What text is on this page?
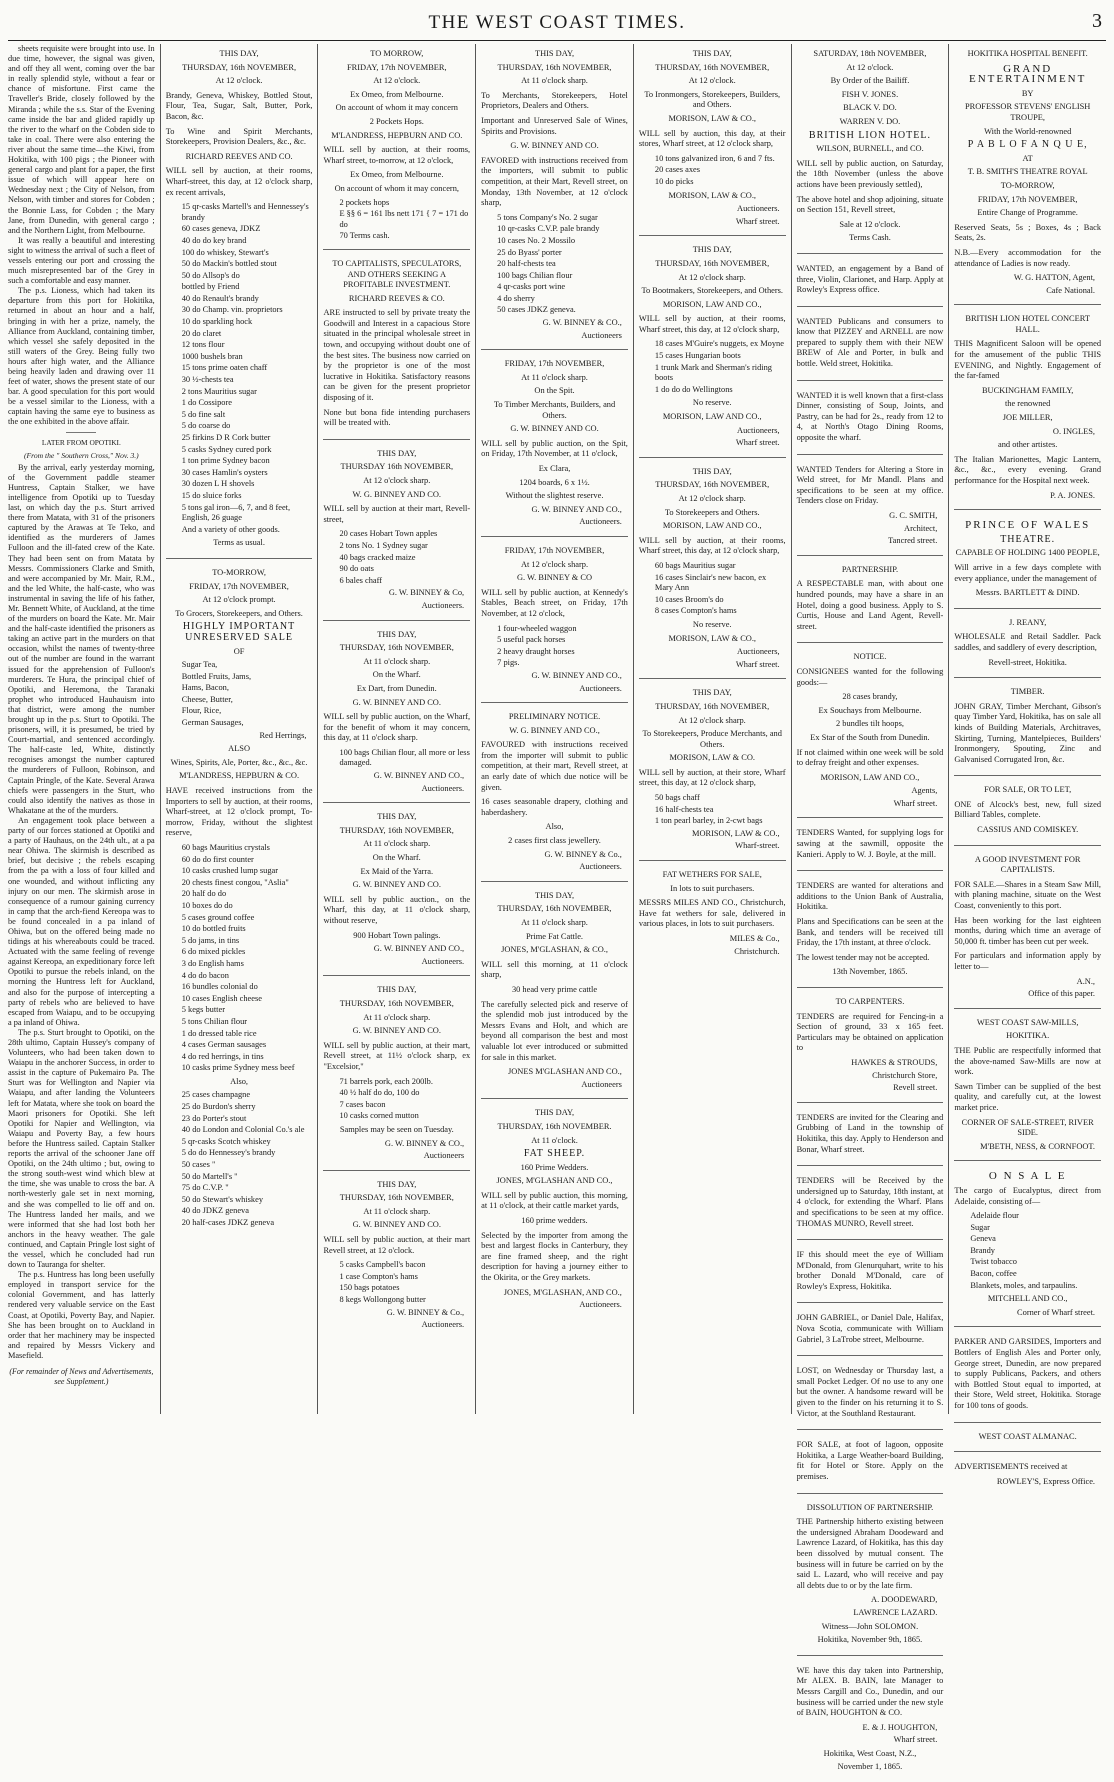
THE WEST COAST TIMES.	3

sheets requisite were brought into use. In due time, however, the signal was given, and off they all went, coming over the bar in really splendid style, without a fear or chance of misfortune. First came the Traveller's Bride, closely followed by the Miranda ; while the s.s. Star of the Evening came inside the bar and glided rapidly up the river to the wharf on the Cobden side to take in coal. There were also entering the river about the same time—the Kiwi, from Hokitika, with 100 pigs ; the Pioneer with general cargo and plant for a paper, the first issue of which will appear here on Wednesday next ; the City of Nelson, from Nelson, with timber and stores for Cobden ; the Bonnie Lass, for Cobden ; the Mary Jane, from Dunedin, with general cargo ; and the Northern Light, from Melbourne.

It was really a beautiful and interesting sight to witness the arrival of such a fleet of vessels entering our port and crossing the much misrepresented bar of the Grey in such a comfortable and easy manner.

The p.s. Lioness, which had taken its departure from this port for Hokitika, returned in about an hour and a half, bringing in with her a prize, namely, the Alliance from Auckland, containing timber, which vessel she safely deposited in the still waters of the Grey. Being fully two hours after high water, and the Alliance being heavily laden and drawing over 11 feet of water, shows the present state of our bar. A good speculation for this port would be a vessel similar to the Lioness, with a captain having the same eye to business as the one exhibited in the above affair.

LATER FROM OPOTIKI.
(From the " Southern Cross," Nov. 3.)

By the arrival, early yesterday morning, of the Government paddle steamer Huntress, Captain Stalker, we have intelligence from Opotiki up to Tuesday last, on which day the p.s. Sturt arrived there from Matata, with 31 of the prisoners captured by the Arawas at Te Teko, and identified as the murderers of James Fulloon and the ill-fated crew of the Kate. They had been sent on from Matata by Messrs. Commissioners Clarke and Smith, and were accompanied by Mr. Mair, R.M., and the led White, the half-caste, who was instrumental in saving the life of his father, Mr. Bennett White, of Auckland, at the time of the murders on board the Kate. Mr. Mair and the half-caste identified the prisoners as taking an active part in the murders on that occasion, whilst the names of twenty-three out of the number are found in the warrant issued for the apprehension of Fulloon's murderers. Te Hura, the principal chief of Opotiki, and Heremona, the Taranaki prophet who introduced Hauhauism into that district, were among the number brought up in the p.s. Sturt to Opotiki. The prisoners, will, it is presumed, be tried by Court-martial, and sentenced accordingly. The half-caste led, White, distinctly recognises amongst the number captured the murderers of Fulloon, Robinson, and Captain Pringle, of the Kate. Several Arawa chiefs were passengers in the Sturt, who could also identify the natives as those in Whakatane at the of the murders.

An engagement took place between a party of our forces stationed at Opotiki and a party of Hauhaus, on the 24th ult., at a pa near Ohiwa. The skirmish is described as brief, but decisive ; the rebels escaping from the pa with a loss of four killed and one wounded, and without inflicting any injury on our men. The skirmish arose in consequence of a rumour gaining currency in camp that the arch-fiend Kereopa was to be found concealed in a pa inland of Ohiwa, but on the offered being made no tidings at his whereabouts could be traced. Actuated with the same feeling of revenge against Kereopa, an expeditionary force left Opotiki to pursue the rebels inland, on the morning the Huntress left for Auckland, and also for the purpose of intercepting a party of rebels who are believed to have escaped from Waiapu, and to be occupying a pa inland of Ohiwa.

The p.s. Sturt brought to Opotiki, on the 28th ultimo, Captain Hussey's company of Volunteers, who had been taken down to Waiapu in the anchorer Success, in order to assist in the capture of Pukemairo Pa. The Sturt was for Wellington and Napier via Waiapu, and after landing the Volunteers left for Matata, where she took on board the Maori prisoners for Opotiki. She left Opotiki for Napier and Wellington, via Waiapu and Poverty Bay, a few hours before the Huntress sailed. Captain Stalker reports the arrival of the schooner Jane off Opotiki, on the 24th ultimo ; but, owing to the strong south-west wind which blew at the time, she was unable to cross the bar. A north-westerly gale set in next morning, and she was compelled to lie off and on. The Huntress landed her mails, and we were informed that she had lost both her anchors in the heavy weather. The gale continued, and Captain Pringle lost sight of the vessel, which he concluded had run down to Tauranga for shelter.

The p.s. Huntress has long been usefully employed in transport service for the colonial Government, and has latterly rendered very valuable service on the East Coast, at Opotiki, Poverty Bay, and Napier. She has been brought on to Auckland in order that her machinery may be inspected and repaired by Messrs Vickery and Masefield.

(For remainder of News and Advertisements, see Supplement.)
THIS DAY,
THURSDAY, 16th NOVEMBER,
At 12 o'clock.
Brandy, Geneva, Whiskey, Bottled Stout, Flour, Tea, Sugar, Salt, Butter, Pork, Bacon, &c.
To Wine and Spirit Merchants, Storekeepers, Provision Dealers, &c., &c.
RICHARD REEVES AND CO.
WILL sell by auction, at their rooms, Wharf-street, this day, at 12 o'clock sharp, ex recent arrivals,
15 qr-casks Martell's and Hennessey's brandy
60 cases geneva, JDKZ
40 do do key brand
100 do whiskey, Stewart's
50 do Mackin's bottled stout
50 do Allsop's do
bottled by Friend
40 do Renault's brandy
30 do Champ. vin. proprietors
10 do sparkling hock
20 do claret
12 tons flour
1000 bushels bran
15 tons prime oaten chaff
30 ½-chests tea
2 tons Mauritius sugar
1 do Cossipore
5 do fine salt
5 do coarse do
25 firkins D R Cork butter
5 casks Sydney cured pork
1 ton prime Sydney bacon
30 cases Hamlin's oysters
30 dozen L H shovels
15 do sluice forks
5 tons gal iron—6, 7, and 8 feet, English, 26 guage
And a variety of other goods.
Terms as usual.
TO-MORROW,
FRIDAY, 17th NOVEMBER,
At 12 o'clock prompt.
To Grocers, Storekeepers, and Others.
HIGHLY IMPORTANT UNRESERVED SALE
OF
Sugar Tea,
Bottled Fruits, Jams,
Hams, Bacon,
Cheese, Butter,
Flour, Rice,
German Sausages,
Red Herrings,
ALSO
Wines, Spirits, Ale, Porter, &c., &c., &c.
M'LANDRESS, HEPBURN & CO.
HAVE received instructions from the Importers to sell by auction, at their rooms, Wharf-street, at 12 o'clock prompt, To-morrow, Friday, without the slightest reserve,
60 bags Mauritius crystals
60 do do first counter
10 casks crushed lump sugar
20 chests finest congou, "Aslia"
20 half do do
10 boxes do do
5 cases ground coffee
10 do bottled fruits
5 do jams, in tins
6 do mixed pickles
3 do English hams
4 do do bacon
16 bundles colonial do
10 cases English cheese
5 kegs butter
5 tons Chilian flour
1 do dressed table rice
4 cases German sausages
4 do red herrings, in tins
10 casks prime Sydney mess beef
Also,
25 cases champagne
25 do Burdon's sherry
23 do Porter's stout
40 do London and Colonial Co.'s ale
5 qr-casks Scotch whiskey
5 do do Hennessey's brandy
50 cases "
50 do Martell's "
75 do C.V.P. "
50 do Stewart's whiskey
40 do JDKZ geneva
20 half-cases JDKZ geneva
TO MORROW,
FRIDAY, 17th NOVEMBER,
At 12 o'clock.
Ex Omeo, from Melbourne.
On account of whom it may concern
2 Pockets Hops.
M'LANDRESS, HEPBURN AND CO.
WILL sell by auction, at their rooms, Wharf street, to-morrow, at 12 o'clock,
Ex Omeo, from Melbourne.
On account of whom it may concern,
2 pockets hops
E §§ 6 = 161 lbs nett 171 { 7 = 171 do do
70 Terms cash.
TO CAPITALISTS, SPECULATORS, AND OTHERS SEEKING A PROFITABLE INVESTMENT.
RICHARD REEVES & CO.
ARE instructed to sell by private treaty the Goodwill and Interest in a capacious Store situated in the principal wholesale street in town, and occupying without doubt one of the best sites. The business now carried on by the proprietor is one of the most lucrative in Hokitika. Satisfactory reasons can be given for the present proprietor disposing of it.
None but bona fide intending purchasers will be treated with.
THIS DAY,
THURSDAY 16th NOVEMBER,
At 12 o'clock sharp.
W. G. BINNEY AND CO.
WILL sell by auction at their mart, Revell-street,
20 cases Hobart Town apples
2 tons No. 1 Sydney sugar
40 bags cracked maize
90 do oats
6 bales chaff
G. W. BINNEY & Co,
Auctioneers.
THIS DAY,
THURSDAY, 16th NOVEMBER,
At 11 o'clock sharp.
On the Wharf.
Ex Dart, from Dunedin.
G. W. BINNEY AND CO.
WILL sell by public auction, on the Wharf, for the benefit of whom it may concern, this day, at 11 o'clock sharp.
100 bags Chilian flour, all more or less damaged.
G. W. BINNEY AND CO.,
Auctioneers.
THIS DAY,
THURSDAY, 16th NOVEMBER,
At 11 o'clock sharp.
On the Wharf.
Ex Maid of the Yarra.
G. W. BINNEY AND CO.
WILL sell by public auction., on the Wharf, this day, at 11 o'clock sharp, without reserve,
900 Hobart Town palings.
G. W. BINNEY AND CO.,
Auctioneers.
THIS DAY,
THURSDAY, 16th NOVEMBER,
At 11 o'clock sharp.
G. W. BINNEY AND CO.
WILL sell by public auction, at their mart, Revell street, at 11½ o'clock sharp, ex "Excelsior,"
71 barrels pork, each 200lb.
40 ½ half do do, 100 do
7 cases bacon
10 casks corned mutton
Samples may be seen on Tuesday.
G. W. BINNEY & CO.,
Auctioneers
THIS DAY,
THURSDAY, 16th NOVEMBER,
At 11 o'clock sharp.
G. W. BINNEY AND CO.
WILL sell by public auction, at their mart Revell street, at 12 o'clock.
5 casks Campbell's bacon
1 case Compton's hams
150 bags potatoes
8 kegs Wollongong butter
G. W. BINNEY & Co.,
Auctioneers.
THIS DAY,
THURSDAY, 16th NOVEMBER,
At 11 o'clock sharp.
To Merchants, Storekeepers, Hotel Proprietors, Dealers and Others.
Important and Unreserved Sale of Wines, Spirits and Provisions.
G. W. BINNEY AND CO.
FAVORED with instructions received from the importers, will submit to public competition, at their Mart, Revell street, on Monday, 13th November, at 12 o'clock sharp,
5 tons Company's No. 2 sugar
10 qr-casks C.V.P. pale brandy
10 cases No. 2 Mossilo
25 do Byass' porter
20 half-chests tea
100 bags Chilian flour
4 qr-casks port wine
4 do sherry
50 cases JDKZ geneva.
G. W. BINNEY & CO.,
Auctioneers
FRIDAY, 17th NOVEMBER,
At 11 o'clock sharp.
On the Spit.
To Timber Merchants, Builders, and Others.
G. W. BINNEY AND CO.
WILL sell by public auction, on the Spit, on Friday, 17th November, at 11 o'clock,
Ex Clara,
1204 boards, 6 x 1½.
Without the slightest reserve.
G. W. BINNEY AND CO.,
Auctioneers.
FRIDAY, 17th NOVEMBER,
At 12 o'clock sharp.
G. W. BINNEY & CO
WILL sell by public auction, at Kennedy's Stables, Beach street, on Friday, 17th November, at 12 o'clock,
1 four-wheeled waggon
5 useful pack horses
2 heavy draught horses
7 pigs.
G. W. BINNEY AND CO.,
Auctioneers.
PRELIMINARY NOTICE.
W. G. BINNEY AND CO.,
FAVOURED with instructions received from the importer will submit to public competition, at their mart, Revell street, at an early date of which due notice will be given.
16 cases seasonable drapery, clothing and haberdashery.
Also,
2 cases first class jewellery.
G. W. BINNEY & Co.,
Auctioneers.
THIS DAY,
THURSDAY, 16th NOVEMBER,
At 11 o'clock sharp.
Prime Fat Cattle.
JONES, M'GLASHAN, & CO.,
WILL sell this morning, at 11 o'clock sharp,
30 head very prime cattle
The carefully selected pick and reserve of the splendid mob just introduced by the Messrs Evans and Holt, and which are beyond all comparison the best and most valuable lot ever introduced or submitted for sale in this market.
JONES M'GLASHAN AND CO.,
Auctioneers
THIS DAY,
THURSDAY, 16th NOVEMBER.
At 11 o'clock.
FAT SHEEP.
160 Prime Wedders.
JONES, M'GLASHAN AND CO.,
WILL sell by public auction, this morning, at 11 o'clock, at their cattle market yards,
160 prime wedders.
Selected by the importer from among the best and largest flocks in Canterbury, they are fine framed sheep, and the right description for having a journey either to the Okirita, or the Grey markets.
JONES, M'GLASHAN, AND CO.,
Auctioneers.
THIS DAY,
THURSDAY, 16th NOVEMBER,
At 12 o'clock.
To Ironmongers, Storekeepers, Builders, and Others.
MORISON, LAW & CO.,
WILL sell by auction, this day, at their stores, Wharf street, at 12 o'clock sharp,
10 tons galvanized iron, 6 and 7 fts.
20 cases axes
10 do picks
MORISON, LAW & CO.,
Auctioneers.
Wharf street.
THIS DAY,
THURSDAY, 16th NOVEMBER,
At 12 o'clock sharp.
To Bootmakers, Storekeepers, and Others.
MORISON, LAW AND CO.,
WILL sell by auction, at their rooms, Wharf street, this day, at 12 o'clock sharp,
18 cases M'Guire's nuggets, ex Moyne
15 cases Hungarian boots
1 trunk Mark and Sherman's riding boots
1 do do do Wellingtons
No reserve.
MORISON, LAW AND CO.,
Auctioneers,
Wharf street.
THIS DAY,
THURSDAY, 16th NOVEMBER,
At 12 o'clock sharp.
To Storekeepers and Others.
MORISON, LAW AND CO.,
WILL sell by auction, at their rooms, Wharf street, this day, at 12 o'clock sharp,
60 bags Mauritius sugar
16 cases Sinclair's new bacon, ex Mary Ann
10 cases Broom's do
8 cases Compton's hams
No reserve.
MORISON, LAW & CO.,
Auctioneers,
Wharf street.
THIS DAY,
THURSDAY, 16th NOVEMBER,
At 12 o'clock sharp.
To Storekeepers, Produce Merchants, and Others.
MORISON, LAW & CO.
WILL sell by auction, at their store, Wharf street, this day, at 12 o'clock sharp,
50 bags chaff
16 half-chests tea
1 ton pearl barley, in 2-cwt bags
MORISON, LAW & CO.,
Wharf-street.
FAT WETHERS FOR SALE,
In lots to suit purchasers.
MESSRS MILES AND CO., Christchurch, Have fat wethers for sale, delivered in various places, in lots to suit purchasers.
MILES & Co.,
Christchurch.
SATURDAY, 18th NOVEMBER,
At 12 o'clock.
By Order of the Bailiff.
FISH V. JONES.
BLACK V. DO.
WARREN V. DO.
BRITISH LION HOTEL.
WILSON, BURNELL, and CO.
WILL sell by public auction, on Saturday, the 18th November (unless the above actions have been previously settled),
The above hotel and shop adjoining, situate on Section 151, Revell street,
Sale at 12 o'clock.
Terms Cash.
WANTED, an engagement by a Band of three, Violin, Clarionet, and Harp. Apply at Rowley's Express office.
WANTED Publicans and consumers to know that PIZZEY and ARNELL are now prepared to supply them with their NEW BREW of Ale and Porter, in bulk and bottle. Weld street, Hokitika.
WANTED it is well known that a first-class Dinner, consisting of Soup, Joints, and Pastry, can be had for 2s., ready from 12 to 4, at North's Otago Dining Rooms, opposite the wharf.
WANTED Tenders for Altering a Store in Weld street, for Mr Mandl. Plans and specifications to be seen at my office. Tenders close on Friday.
G. C. SMITH,
Architect,
Tancred street.
PARTNERSHIP.
A RESPECTABLE man, with about one hundred pounds, may have a share in an Hotel, doing a good business. Apply to S. Curtis, House and Land Agent, Revell-street.
NOTICE.
CONSIGNEES wanted for the following goods:—
28 cases brandy,
Ex Souchays from Melbourne.
2 bundles tilt hoops,
Ex Star of the South from Dunedin.
If not claimed within one week will be sold to defray freight and other expenses.
MORISON, LAW AND CO.,
Agents,
Wharf street.
TENDERS Wanted, for supplying logs for sawing at the sawmill, opposite the Kanieri. Apply to W. J. Boyle, at the mill.
TENDERS are wanted for alterations and additions to the Union Bank of Australia, Hokitika.
Plans and Specifications can be seen at the Bank, and tenders will be received till Friday, the 17th instant, at three o'clock.
The lowest tender may not be accepted.
13th November, 1865.
TO CARPENTERS.
TENDERS are required for Fencing-in a Section of ground, 33 x 165 feet. Particulars may be obtained on application to
HAWKES & STROUDS,
Christchurch Store,
Revell street.
TENDERS are invited for the Clearing and Grubbing of Land in the township of Hokitika, this day. Apply to Henderson and Bonar, Wharf street.
TENDERS will be Received by the undersigned up to Saturday, 18th instant, at 4 o'clock, for extending the Wharf. Plans and specifications to be seen at my office. THOMAS MUNRO, Revell street.
IF this should meet the eye of William M'Donald, from Glenurquhart, write to his brother Donald M'Donald, care of Rowley's Express, Hokitika.
JOHN GABRIEL, or Daniel Dale, Halifax, Nova Scotia, communicate with William Gabriel, 3 LaTrobe street, Melbourne.
LOST, on Wednesday or Thursday last, a small Pocket Ledger. Of no use to any one but the owner. A handsome reward will be given to the finder on his returning it to S. Victor, at the Southland Restaurant.
FOR SALE, at foot of lagoon, opposite Hokitika, a Large Weather-board Building, fit for Hotel or Store. Apply on the premises.
DISSOLUTION OF PARTNERSHIP.
THE Partnership hitherto existing between the undersigned Abraham Doodeward and Lawrence Lazard, of Hokitika, has this day been dissolved by mutual consent. The business will in future be carried on by the said L. Lazard, who will receive and pay all debts due to or by the late firm.
A. DOODEWARD,
LAWRENCE LAZARD.
Witness—John SOLOMON.
Hokitika, November 9th, 1865.
WE have this day taken into Partnership, Mr ALEX. B. BAIN, late Manager to Messrs Cargill and Co., Dunedin, and our business will be carried under the new style of BAIN, HOUGHTON & CO.
E. & J. HOUGHTON,
Wharf street.
Hokitika, West Coast, N.Z.,
November 1, 1865.
HOKITIKA HOSPITAL BENEFIT.
GRAND ENTERTAINMENT
BY
PROFESSOR STEVENS' ENGLISH TROUPE,
With the World-renowned
P A B L O F A N Q U E,
AT
T. B. SMITH'S THEATRE ROYAL
TO-MORROW,
FRIDAY, 17th NOVEMBER,
Entire Change of Programme.
Reserved Seats, 5s ; Boxes, 4s ; Back Seats, 2s.
N.B.—Every accommodation for the attendance of Ladies is now ready.
W. G. HATTON, Agent,
Cafe National.
BRITISH LION HOTEL CONCERT HALL.
THIS Magnificent Saloon will be opened for the amusement of the public THIS EVENING, and Nightly. Engagement of the far-famed
BUCKINGHAM FAMILY,
the renowned
JOE MILLER,
O. INGLES,
and other artistes.
The Italian Marionettes, Magic Lantern, &c., &c., every evening. Grand performance for the Hospital next week.
P. A. JONES.
PRINCE OF WALES
THEATRE.
CAPABLE OF HOLDING 1400 PEOPLE,
Will arrive in a few days complete with every appliance, under the management of
Messrs. BARTLETT & DIND.
J. REANY,
WHOLESALE and Retail Saddler. Pack saddles, and saddlery of every description,
Revell-street, Hokitika.
TIMBER.
JOHN GRAY, Timber Merchant, Gibson's quay Timber Yard, Hokitika, has on sale all kinds of Building Materials, Architraves, Skirting, Turning, Mantelpieces, Builders' Ironmongery, Spouting, Zinc and Galvanised Corrugated Iron, &c.
FOR SALE, OR TO LET,
ONE of Alcock's best, new, full sized Billiard Tables, complete.
CASSIUS AND COMISKEY.
A GOOD INVESTMENT FOR CAPITALISTS.
FOR SALE.—Shares in a Steam Saw Mill, with planing machine, situate on the West Coast, conveniently to this port.
Has been working for the last eighteen months, during which time an average of 50,000 ft. timber has been cut per week.
For particulars and information apply by letter to—
A.N.,
Office of this paper.
WEST COAST SAW-MILLS,
HOKITIKA.
THE Public are respectfully informed that the above-named Saw-Mills are now at work.
Sawn Timber can be supplied of the best quality, and carefully cut, at the lowest market price.
CORNER OF SALE-STREET, RIVER SIDE.
M'BETH, NESS, & CORNFOOT.
O N S A L E
The cargo of Eucalyptus, direct from Adelaide, consisting of—
Adelaide flour
Sugar
Geneva
Brandy
Twist tobacco
Bacon, coffee
Blankets, moles, and tarpaulins.
MITCHELL AND CO.,
Corner of Wharf street.
PARKER AND GARSIDES, Importers and Bottlers of English Ales and Porter only, George street, Dunedin, are now prepared to supply Publicans, Packers, and others with Bottled Stout equal to imported, at their Store, Weld street, Hokitika. Storage for 100 tons of goods.
WEST COAST ALMANAC.
ADVERTISEMENTS received at
ROWLEY'S, Express Office.
